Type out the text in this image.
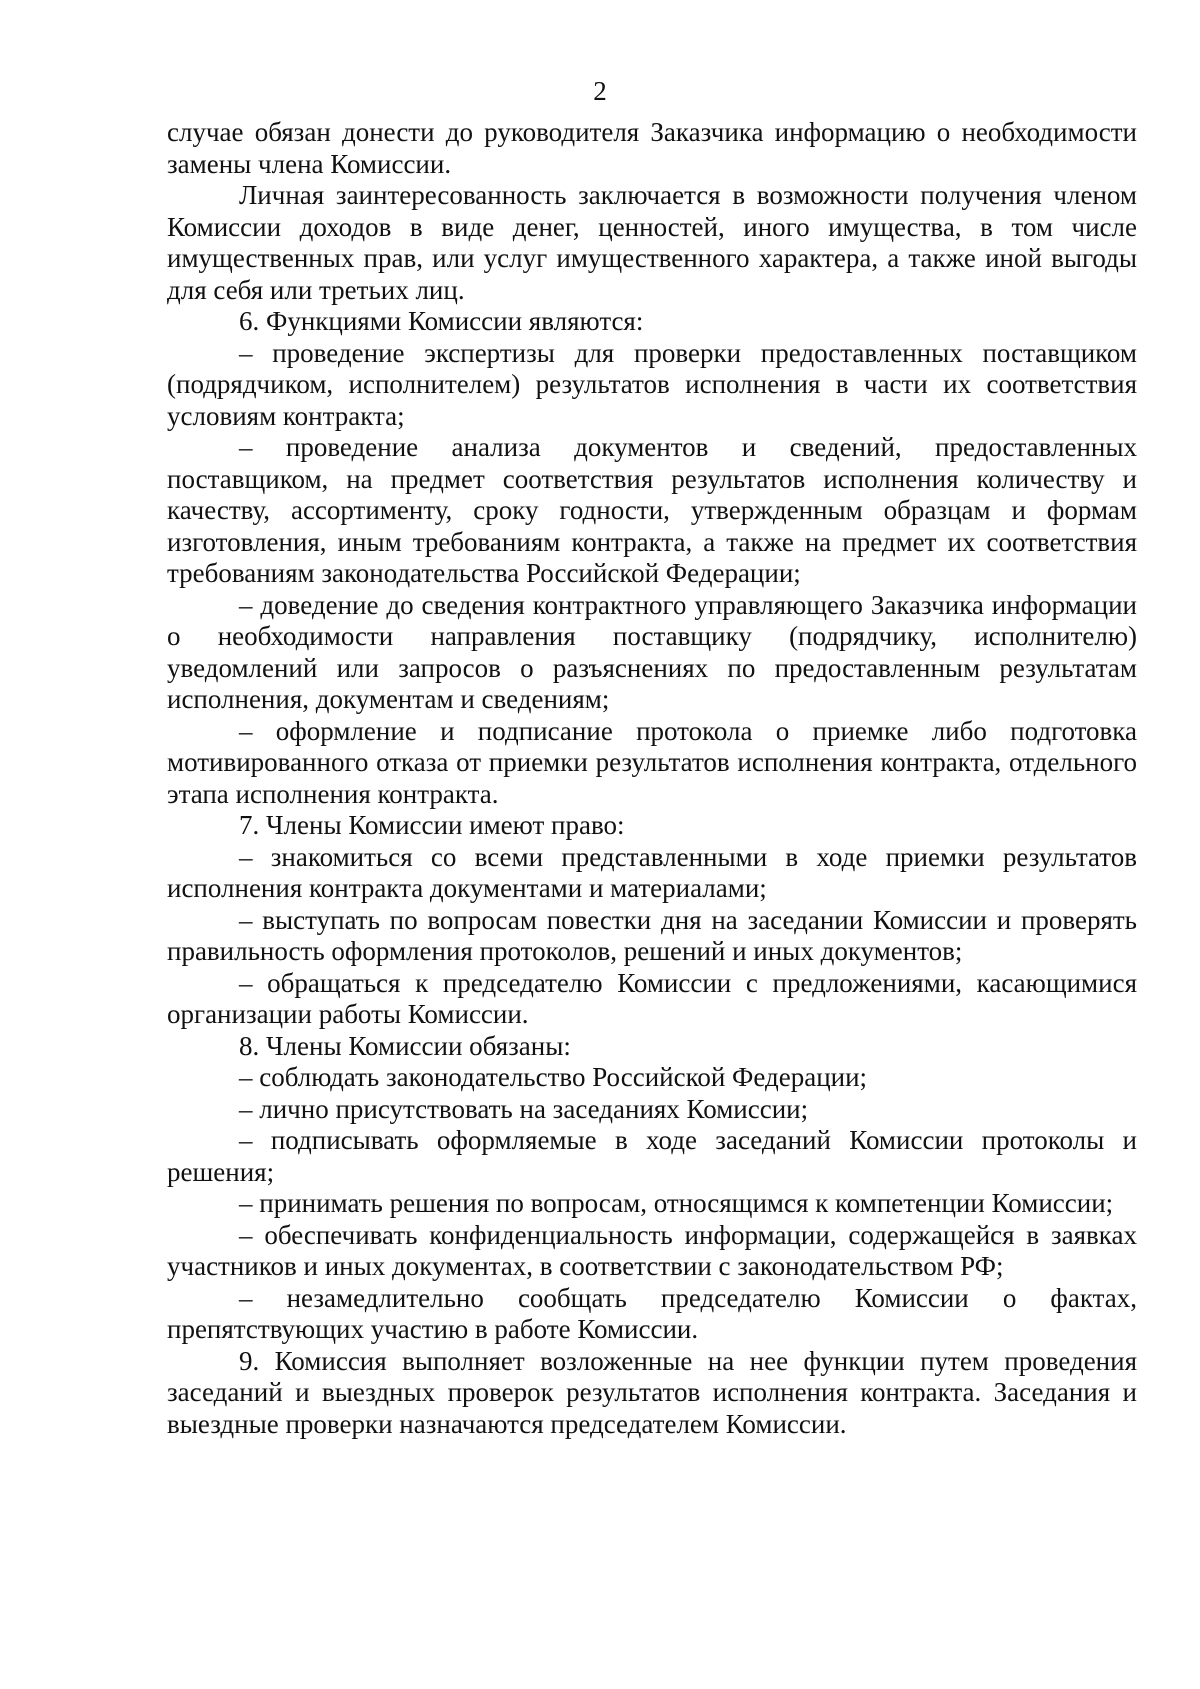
2

случае обязан донести до руководителя Заказчика информацию о необходимости замены члена Комиссии.

Личная заинтересованность заключается в возможности получения членом Комиссии доходов в виде денег, ценностей, иного имущества, в том числе имущественных прав, или услуг имущественного характера, а также иной выгоды для себя или третьих лиц.

6. Функциями Комиссии являются:

– проведение экспертизы для проверки предоставленных поставщиком (подрядчиком, исполнителем) результатов исполнения в части их соответствия условиям контракта;

– проведение анализа документов и сведений, предоставленных поставщиком, на предмет соответствия результатов исполнения количеству и качеству, ассортименту, сроку годности, утвержденным образцам и формам изготовления, иным требованиям контракта, а также на предмет их соответствия требованиям законодательства Российской Федерации;

– доведение до сведения контрактного управляющего Заказчика информации о необходимости направления поставщику (подрядчику, исполнителю) уведомлений или запросов о разъяснениях по предоставленным результатам исполнения, документам и сведениям;

– оформление и подписание протокола о приемке либо подготовка мотивированного отказа от приемки результатов исполнения контракта, отдельного этапа исполнения контракта.

7. Члены Комиссии имеют право:

– знакомиться со всеми представленными в ходе приемки результатов исполнения контракта документами и материалами;

– выступать по вопросам повестки дня на заседании Комиссии и проверять правильность оформления протоколов, решений и иных документов;

– обращаться к председателю Комиссии с предложениями, касающимися организации работы Комиссии.

8. Члены Комиссии обязаны:

– соблюдать законодательство Российской Федерации;

– лично присутствовать на заседаниях Комиссии;

– подписывать оформляемые в ходе заседаний Комиссии протоколы и решения;

– принимать решения по вопросам, относящимся к компетенции Комиссии;

– обеспечивать конфиденциальность информации, содержащейся в заявках участников и иных документах, в соответствии с законодательством РФ;

– незамедлительно сообщать председателю Комиссии о фактах, препятствующих участию в работе Комиссии.

9. Комиссия выполняет возложенные на нее функции путем проведения заседаний и выездных проверок результатов исполнения контракта. Заседания и выездные проверки назначаются председателем Комиссии.
